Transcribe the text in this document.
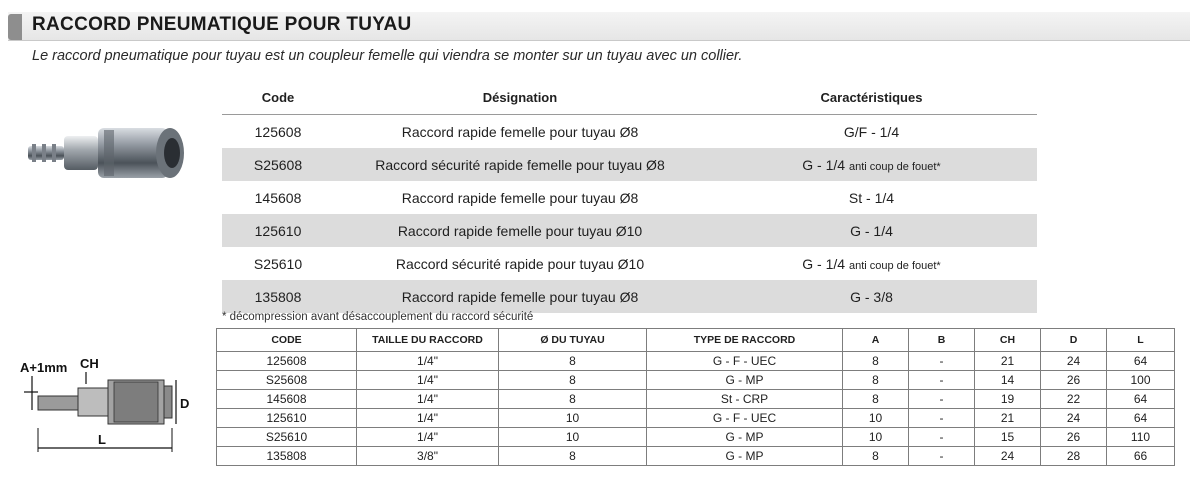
RACCORD PNEUMATIQUE POUR TUYAU
Le raccord pneumatique pour tuyau est un coupleur femelle qui viendra se monter sur un tuyau avec un collier.
Code	Désignation	Caractéristiques
125608	Raccord rapide femelle pour tuyau Ø8	G/F - 1/4
S25608	Raccord sécurité rapide femelle pour tuyau Ø8	G - 1/4 anti coup de fouet*
145608	Raccord rapide femelle pour tuyau Ø8	St - 1/4
125610	Raccord rapide femelle pour tuyau Ø10	G - 1/4
S25610	Raccord sécurité rapide pour tuyau Ø10	G - 1/4 anti coup de fouet*
135808	Raccord rapide femelle pour tuyau Ø8	G - 3/8
* décompression avant désaccouplement du raccord sécurité
CODE	TAILLE DU RACCORD	Ø DU TUYAU	TYPE DE RACCORD	A	B	CH	D	L
125608	1/4"	8	G - F - UEC	8	-	21	24	64
S25608	1/4"	8	G - MP	8	-	14	26	100
145608	1/4"	8	St - CRP	8	-	19	22	64
125610	1/4"	10	G - F - UEC	10	-	21	24	64
S25610	1/4"	10	G - MP	10	-	15	26	110
135808	3/8"	8	G - MP	8	-	24	28	66
A+1mm CH
D
L
